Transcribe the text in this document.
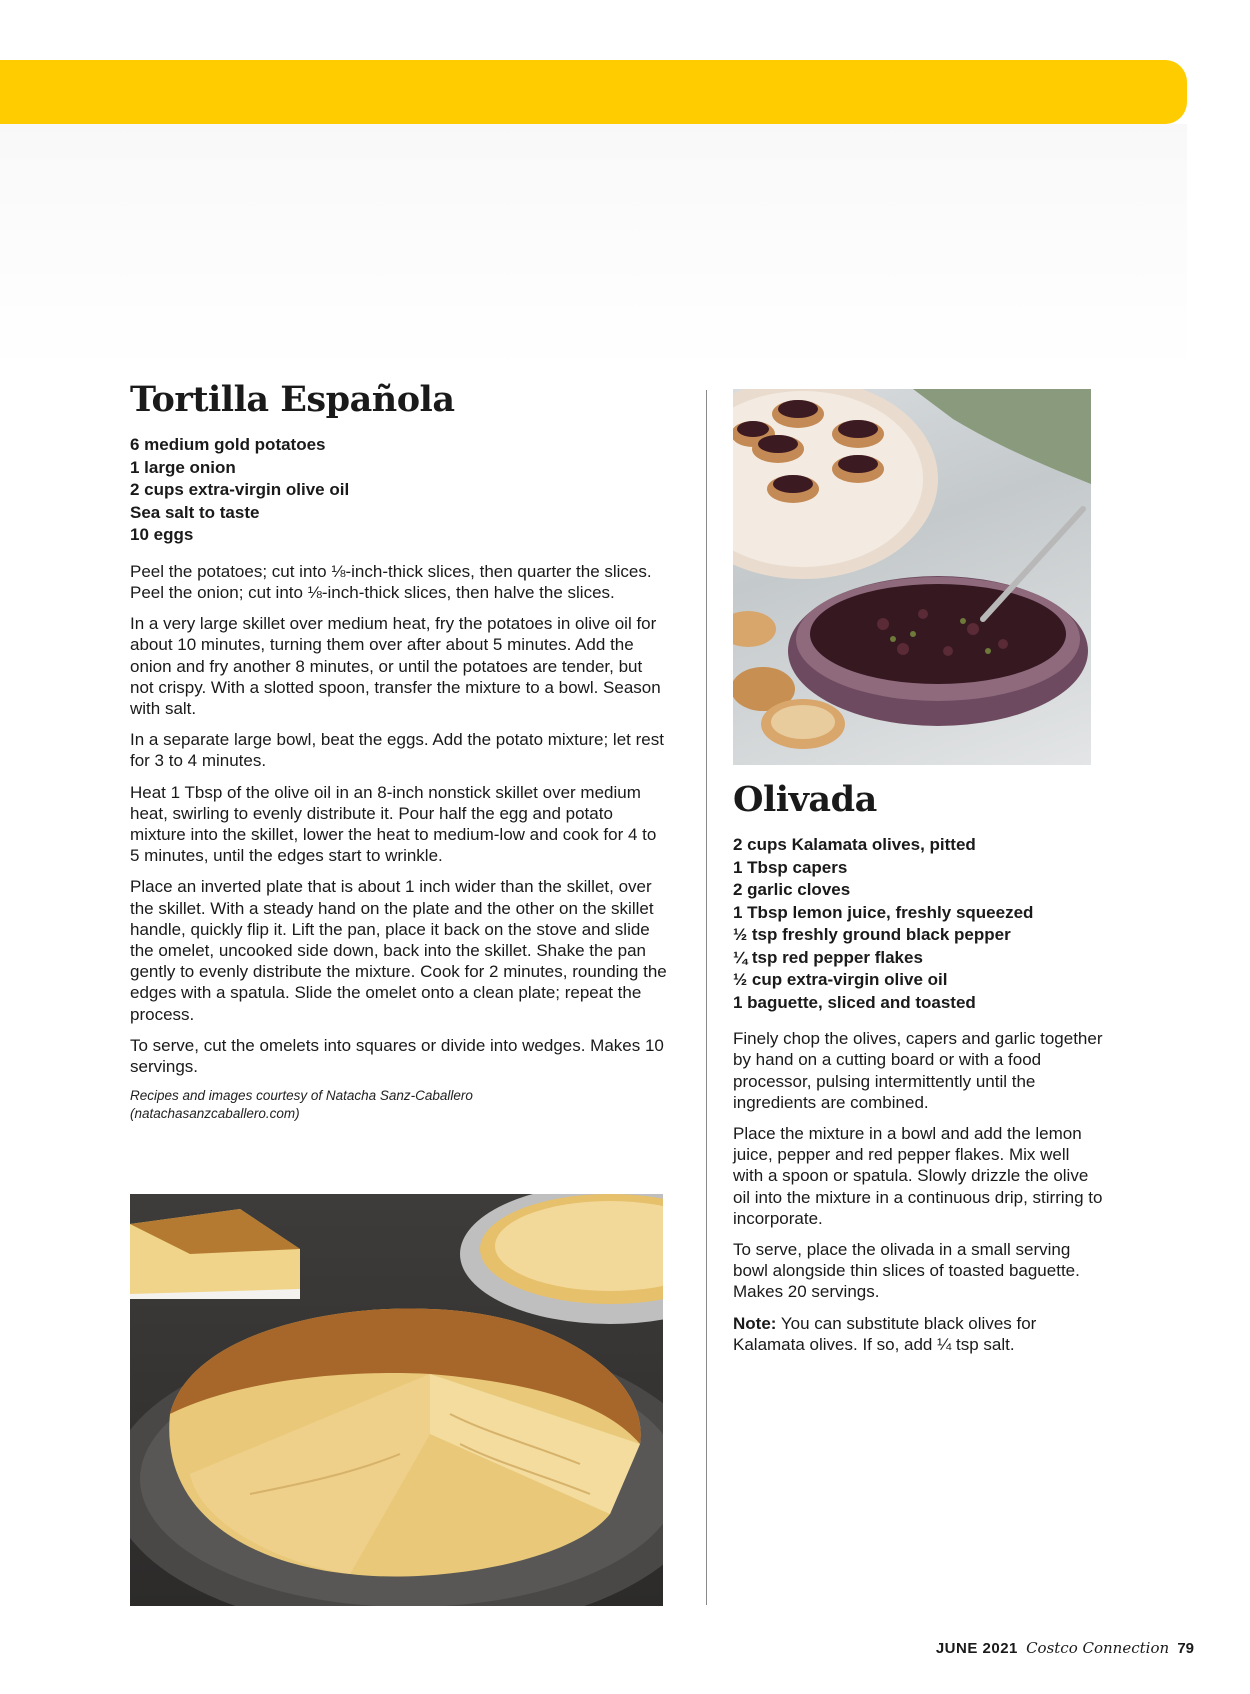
Tortilla Española
6 medium gold potatoes
1 large onion
2 cups extra-virgin olive oil
Sea salt to taste
10 eggs

Peel the potatoes; cut into ⅛-inch-thick slices, then quarter the slices. Peel the onion; cut into ⅛-inch-thick slices, then halve the slices.

In a very large skillet over medium heat, fry the potatoes in olive oil for about 10 minutes, turning them over after about 5 minutes. Add the onion and fry another 8 minutes, or until the potatoes are tender, but not crispy. With a slotted spoon, transfer the mixture to a bowl. Season with salt.

In a separate large bowl, beat the eggs. Add the potato mixture; let rest for 3 to 4 minutes.

Heat 1 Tbsp of the olive oil in an 8-inch nonstick skillet over medium heat, swirling to evenly distribute it. Pour half the egg and potato mixture into the skillet, lower the heat to medium-low and cook for 4 to 5 minutes, until the edges start to wrinkle.

Place an inverted plate that is about 1 inch wider than the skillet, over the skillet. With a steady hand on the plate and the other on the skillet handle, quickly flip it. Lift the pan, place it back on the stove and slide the omelet, uncooked side down, back into the skillet. Shake the pan gently to evenly distribute the mixture. Cook for 2 minutes, rounding the edges with a spatula. Slide the omelet onto a clean plate; repeat the process.

To serve, cut the omelets into squares or divide into wedges. Makes 10 servings.

Recipes and images courtesy of Natacha Sanz-Caballero
(natachasanzcaballero.com)

Olivada
2 cups Kalamata olives, pitted
1 Tbsp capers
2 garlic cloves
1 Tbsp lemon juice, freshly squeezed
½ tsp freshly ground black pepper
¼ tsp red pepper flakes
½ cup extra-virgin olive oil
1 baguette, sliced and toasted

Finely chop the olives, capers and garlic together by hand on a cutting board or with a food processor, pulsing intermittently until the ingredients are combined.

Place the mixture in a bowl and add the lemon juice, pepper and red pepper flakes. Mix well with a spoon or spatula. Slowly drizzle the olive oil into the mixture in a continuous drip, stirring to incorporate.

To serve, place the olivada in a small serving bowl alongside thin slices of toasted baguette. Makes 20 servings.

Note: You can substitute black olives for Kalamata olives. If so, add ¼ tsp salt.

JUNE 2021 Costco Connection 79
